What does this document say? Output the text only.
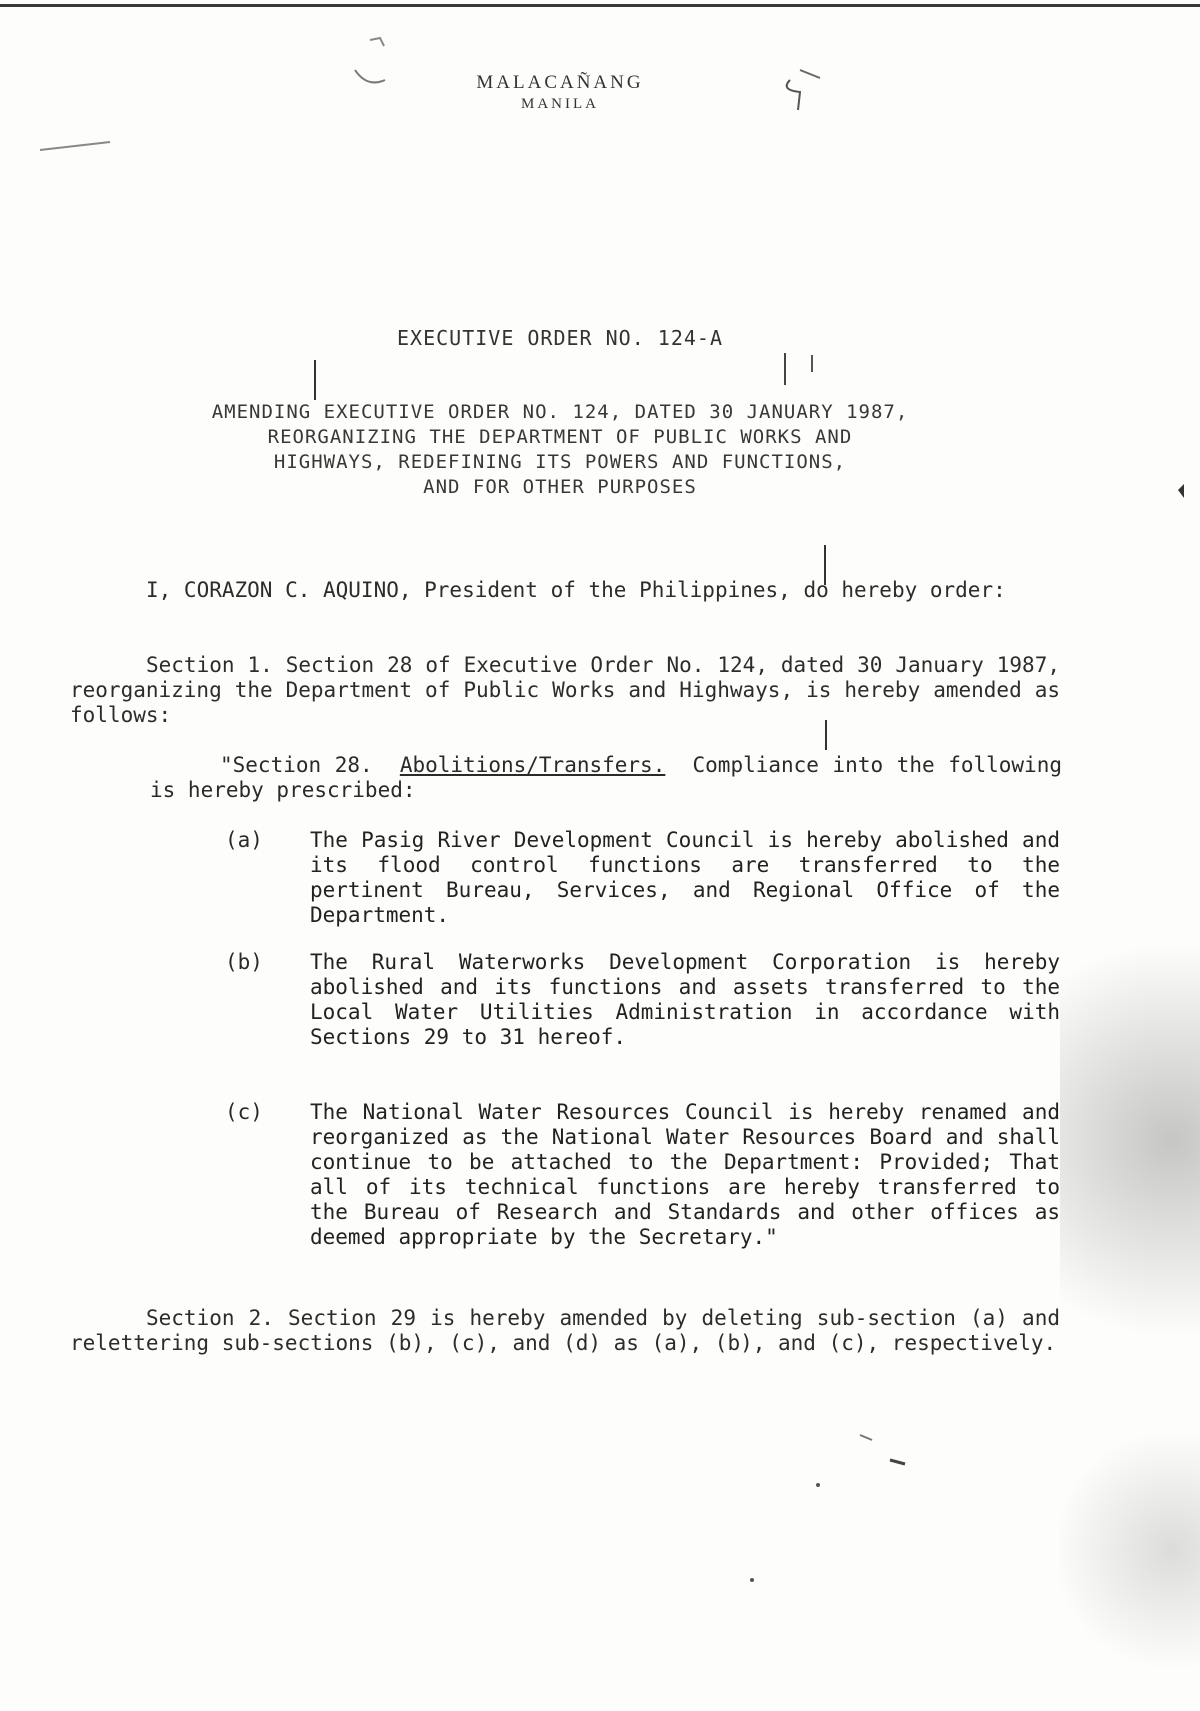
MALACAÑANG
MANILA
EXECUTIVE ORDER NO. 124-A
AMENDING EXECUTIVE ORDER NO. 124, DATED 30 JANUARY 1987,
REORGANIZING THE DEPARTMENT OF PUBLIC WORKS AND
HIGHWAYS, REDEFINING ITS POWERS AND FUNCTIONS,
AND FOR OTHER PURPOSES
I, CORAZON C. AQUINO, President of the Philippines, do hereby order:
Section 1. Section 28 of Executive Order No. 124, dated 30 January 1987, reorganizing the Department of Public Works and Highways, is hereby amended as follows:
"Section 28. Abolitions/Transfers. Compliance into the following is hereby prescribed:
(a)	The Pasig River Development Council is hereby abolished and its flood control functions are transferred to the pertinent Bureau, Services, and Regional Office of the Department.
(b)	The Rural Waterworks Development Corporation is hereby abolished and its functions and assets transferred to the Local Water Utilities Administration in accordance with Sections 29 to 31 hereof.
(c)	The National Water Resources Council is hereby renamed and reorganized as the National Water Resources Board and shall continue to be attached to the Department: Provided; That all of its technical functions are hereby transferred to the Bureau of Research and Standards and other offices as deemed appropriate by the Secretary."
Section 2. Section 29 is hereby amended by deleting sub-section (a) and relettering sub-sections (b), (c), and (d) as (a), (b), and (c), respectively.
